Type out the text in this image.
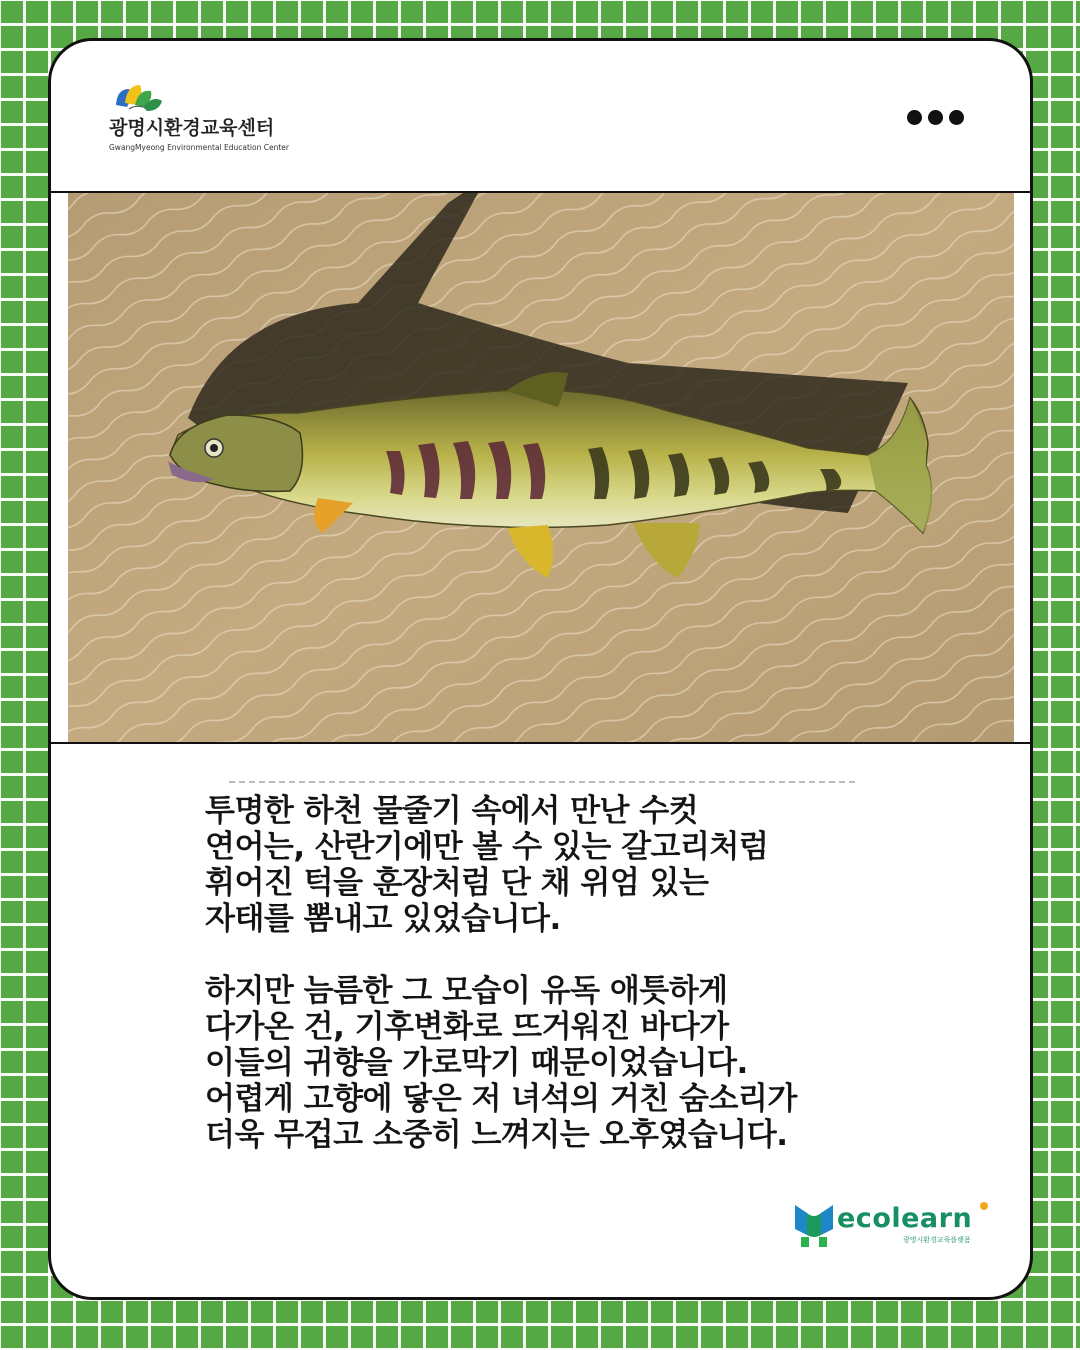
광명시환경교육센터
GwangMyeong Environmental Education Center

투명한 하천 물줄기 속에서 만난 수컷
연어는, 산란기에만 볼 수 있는 갈고리처럼
휘어진 턱을 훈장처럼 단 채 위엄 있는
자태를 뽐내고 있었습니다.

하지만 늠름한 그 모습이 유독 애틋하게
다가온 건, 기후변화로 뜨거워진 바다가
이들의 귀향을 가로막기 때문이었습니다.
어렵게 고향에 닿은 저 녀석의 거친 숨소리가
더욱 무겁고 소중히 느껴지는 오후였습니다.

ecolearn
광명시환경교육플랫폼
